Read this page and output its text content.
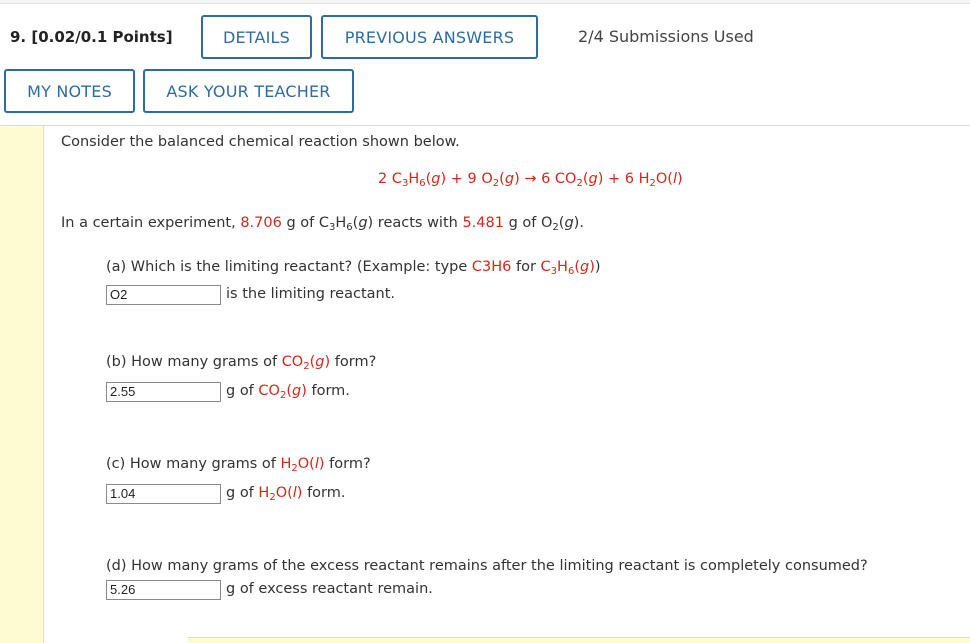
9. [0.02/0.1 Points]	DETAILS	PREVIOUS ANSWERS	2/4 Submissions Used
MY NOTES	ASK YOUR TEACHER
Consider the balanced chemical reaction shown below.
2 $C_3H_6(g) + 9$ $O_2(g) \to 6$ $CO_2(g) + 6$ $H_2O(l)$
In a certain experiment, 8.706 g of $C_3H_6(g)$ reacts with 5.481 g of $O_2(g)$.
(a) Which is the limiting reactant? (Example: type C3H6 for $C_3H_6(g)$)
O2	is the limiting reactant.
(b) How many grams of $CO_2(g)$ form?
2.55	g of $CO_2(g)$ form.
(c) How many grams of $H_2O(l)$ form?
1.04	g of $H_2O(l)$ form.
(d) How many grams of the excess reactant remains after the limiting reactant is completely consumed?
5.26	g of excess reactant remain.
